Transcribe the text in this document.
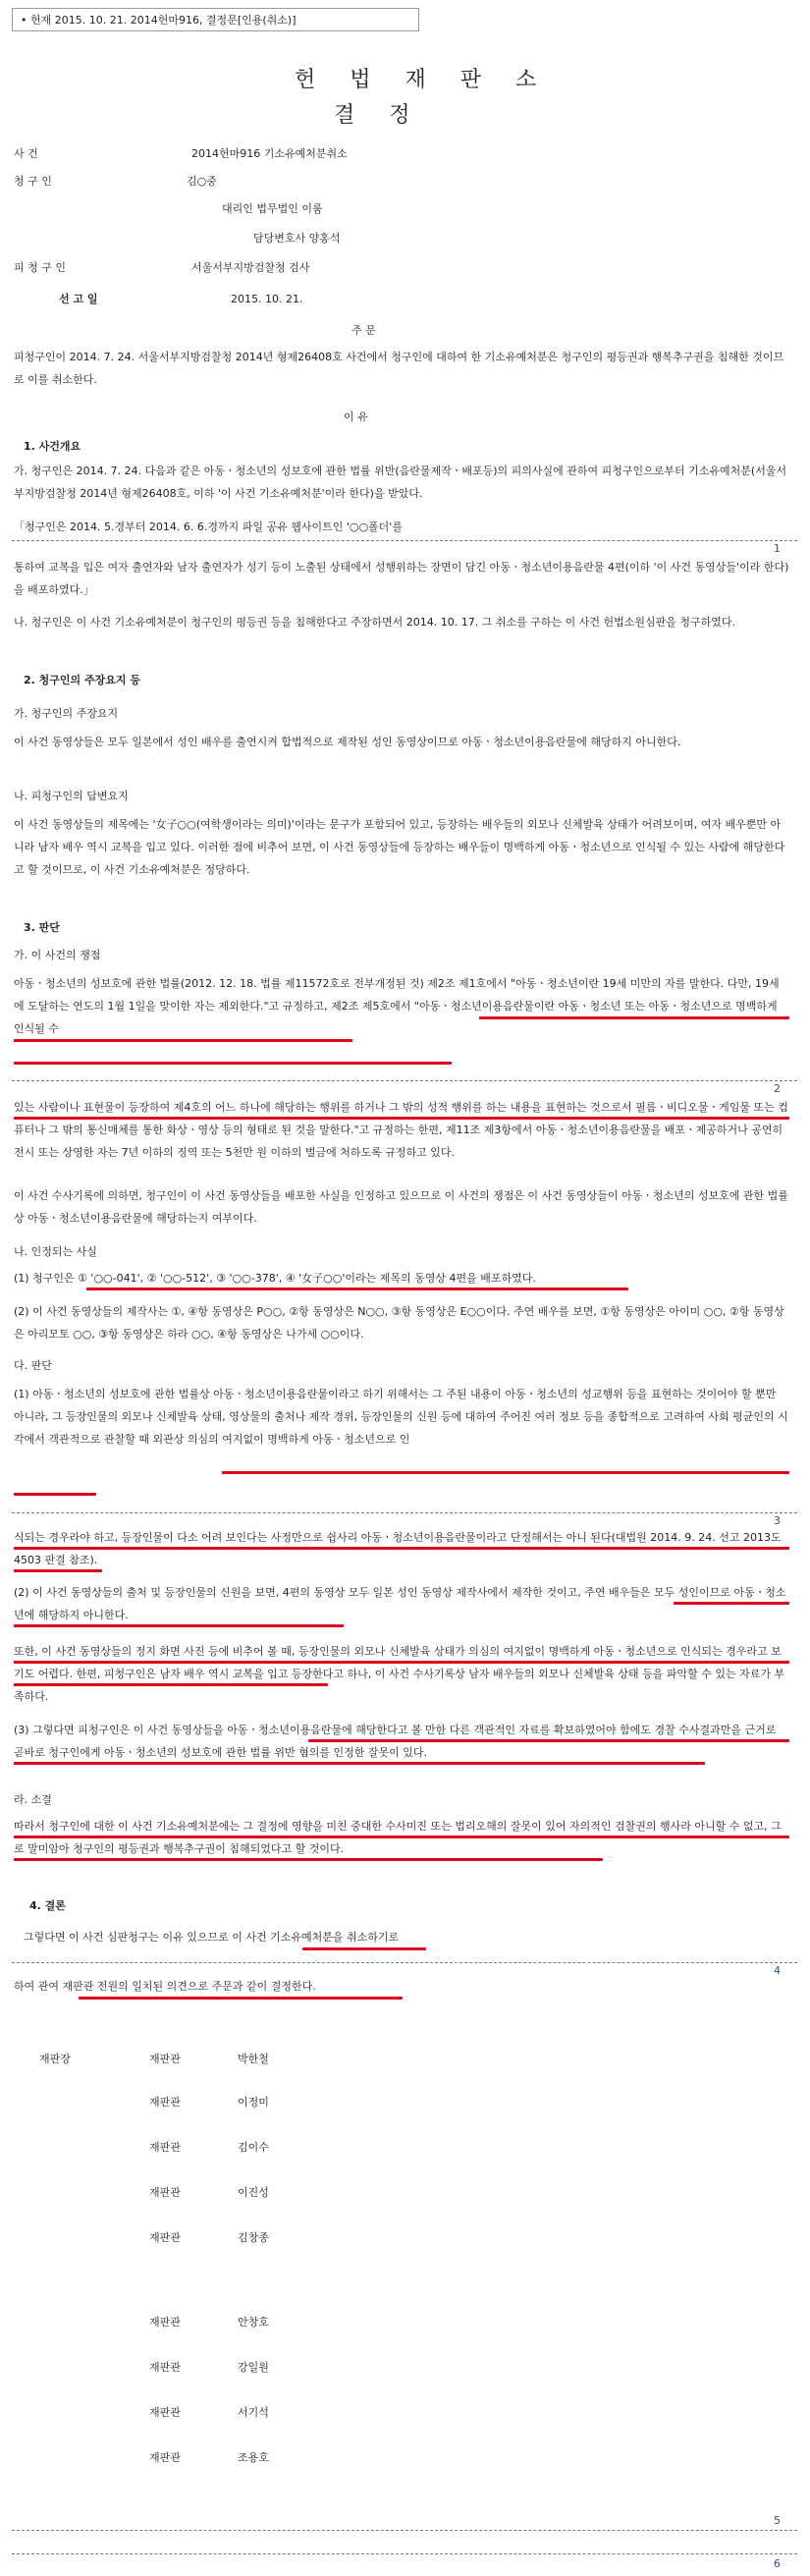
• 헌재 2015. 10. 21. 2014헌마916, 결정문[인용(취소)]
헌 법 재 판 소
결 정
사 건	2014헌마916 기소유예처분취소
청 구 인	김○중
대리인 법무법인 이룸
담당변호사 양홍석
피 청 구 인	서울서부지방검찰청 검사
선 고 일	2015. 10. 21.
주 문
피청구인이 2014. 7. 24. 서울서부지방검찰청 2014년 형제26408호 사건에서 청구인에 대하여 한 기소유예처분은 청구인의 평등권과 행복추구권을 침해한 것이므로 이를 취소한다.
이 유
1. 사건개요
가. 청구인은 2014. 7. 24. 다음과 같은 아동ㆍ청소년의 성보호에 관한 법률 위반(음란물제작ㆍ배포등)의 피의사실에 관하여 피청구인으로부터 기소유예처분(서울서부지방검찰청 2014년 형제26408호, 이하 '이 사건 기소유예처분'이라 한다)을 받았다.
「청구인은 2014. 5.경부터 2014. 6. 6.경까지 파일 공유 웹사이트인 '○○폴더'를
1
통하여 교복을 입은 여자 출연자와 남자 출연자가 성기 등이 노출된 상태에서 성행위하는 장면이 담긴 아동ㆍ청소년이용음란물 4편(이하 '이 사건 동영상들'이라 한다)을 배포하였다.」
나. 청구인은 이 사건 기소유예처분이 청구인의 평등권 등을 침해한다고 주장하면서 2014. 10. 17. 그 취소를 구하는 이 사건 헌법소원심판을 청구하였다.
2. 청구인의 주장요지 등
가. 청구인의 주장요지
이 사건 동영상들은 모두 일본에서 성인 배우를 출연시켜 합법적으로 제작된 성인 동영상이므로 아동ㆍ청소년이용음란물에 해당하지 아니한다.
나. 피청구인의 답변요지
이 사건 동영상들의 제목에는 '女子○○(여학생이라는 의미)'이라는 문구가 포함되어 있고, 등장하는 배우들의 외모나 신체발육 상태가 어려보이며, 여자 배우뿐만 아니라 남자 배우 역시 교복을 입고 있다. 이러한 점에 비추어 보면, 이 사건 동영상들에 등장하는 배우들이 명백하게 아동ㆍ청소년으로 인식될 수 있는 사람에 해당한다고 할 것이므로, 이 사건 기소유예처분은 정당하다.
3. 판단
가. 이 사건의 쟁점
아동ㆍ청소년의 성보호에 관한 법률(2012. 12. 18. 법률 제11572호로 전부개정된 것) 제2조 제1호에서 "아동ㆍ청소년이란 19세 미만의 자를 말한다. 다만, 19세에 도달하는 연도의 1월 1일을 맞이한 자는 제외한다."고 규정하고, 제2조 제5호에서 "아동ㆍ청소년이용음란물이란 아동ㆍ청소년 또는 아동ㆍ청소년으로 명백하게 인식될 수
2
있는 사람이나 표현물이 등장하여 제4호의 어느 하나에 해당하는 행위를 하거나 그 밖의 성적 행위를 하는 내용을 표현하는 것으로서 필름ㆍ비디오물ㆍ게임물 또는 컴퓨터나 그 밖의 통신매체를 통한 화상ㆍ영상 등의 형태로 된 것을 말한다."고 규정하는 한편, 제11조 제3항에서 아동ㆍ청소년이용음란물을 배포ㆍ제공하거나 공연히 전시 또는 상영한 자는 7년 이하의 징역 또는 5천만 원 이하의 벌금에 처하도록 규정하고 있다.
이 사건 수사기록에 의하면, 청구인이 이 사건 동영상들을 배포한 사실을 인정하고 있으므로 이 사건의 쟁점은 이 사건 동영상들이 아동ㆍ청소년의 성보호에 관한 법률상 아동ㆍ청소년이용음란물에 해당하는지 여부이다.
나. 인정되는 사실
(1) 청구인은 ① '○○-041', ② '○○-512', ③ '○○-378', ④ '女子○○'이라는 제목의 동영상 4편을 배포하였다.
(2) 이 사건 동영상들의 제작사는 ①, ④항 동영상은 P○○, ②항 동영상은 N○○, ③항 동영상은 E○○이다. 주연 배우를 보면, ①항 동영상은 아이미 ○○, ②항 동영상은 아리모토 ○○, ③항 동영상은 하라 ○○, ④항 동영상은 나가세 ○○이다.
다. 판단
(1) 아동ㆍ청소년의 성보호에 관한 법률상 아동ㆍ청소년이용음란물이라고 하기 위해서는 그 주된 내용이 아동ㆍ청소년의 성교행위 등을 표현하는 것이어야 할 뿐만 아니라, 그 등장인물의 외모나 신체발육 상태, 영상물의 출처나 제작 경위, 등장인물의 신원 등에 대하여 주어진 여러 정보 등을 종합적으로 고려하여 사회 평균인의 시각에서 객관적으로 관찰할 때 외관상 의심의 여지없이 명백하게 아동ㆍ청소년으로 인
3
식되는 경우라야 하고, 등장인물이 다소 어려 보인다는 사정만으로 쉽사리 아동ㆍ청소년이용음란물이라고 단정해서는 아니 된다(대법원 2014. 9. 24. 선고 2013도4503 판결 참조).
(2) 이 사건 동영상들의 출처 및 등장인물의 신원을 보면, 4편의 동영상 모두 일본 성인 동영상 제작사에서 제작한 것이고, 주연 배우들은 모두 성인이므로 아동ㆍ청소년에 해당하지 아니한다.
또한, 이 사건 동영상들의 정지 화면 사진 등에 비추어 볼 때, 등장인물의 외모나 신체발육 상태가 의심의 여지없이 명백하게 아동ㆍ청소년으로 인식되는 경우라고 보기도 어렵다. 한편, 피청구인은 남자 배우 역시 교복을 입고 등장한다고 하나, 이 사건 수사기록상 남자 배우들의 외모나 신체발육 상태 등을 파악할 수 있는 자료가 부족하다.
(3) 그렇다면 피청구인은 이 사건 동영상들을 아동ㆍ청소년이용음란물에 해당한다고 볼 만한 다른 객관적인 자료를 확보하였어야 함에도 경찰 수사결과만을 근거로 곧바로 청구인에게 아동ㆍ청소년의 성보호에 관한 법률 위반 혐의를 인정한 잘못이 있다.
라. 소결
따라서 청구인에 대한 이 사건 기소유예처분에는 그 결정에 영향을 미친 중대한 수사미진 또는 법리오해의 잘못이 있어 자의적인 검찰권의 행사라 아니할 수 없고, 그로 말미암아 청구인의 평등권과 행복추구권이 침해되었다고 할 것이다.
4. 결론
그렇다면 이 사건 심판청구는 이유 있으므로 이 사건 기소유예처분을 취소하기로
4
하여 관여 재판관 전원의 일치된 의견으로 주문과 같이 결정한다.
재판장	재판관	박한철
재판관	이정미
재판관	김이수
재판관	이진성
재판관	김창종
재판관	안창호
재판관	강일원
재판관	서기석
재판관	조용호
5
6
